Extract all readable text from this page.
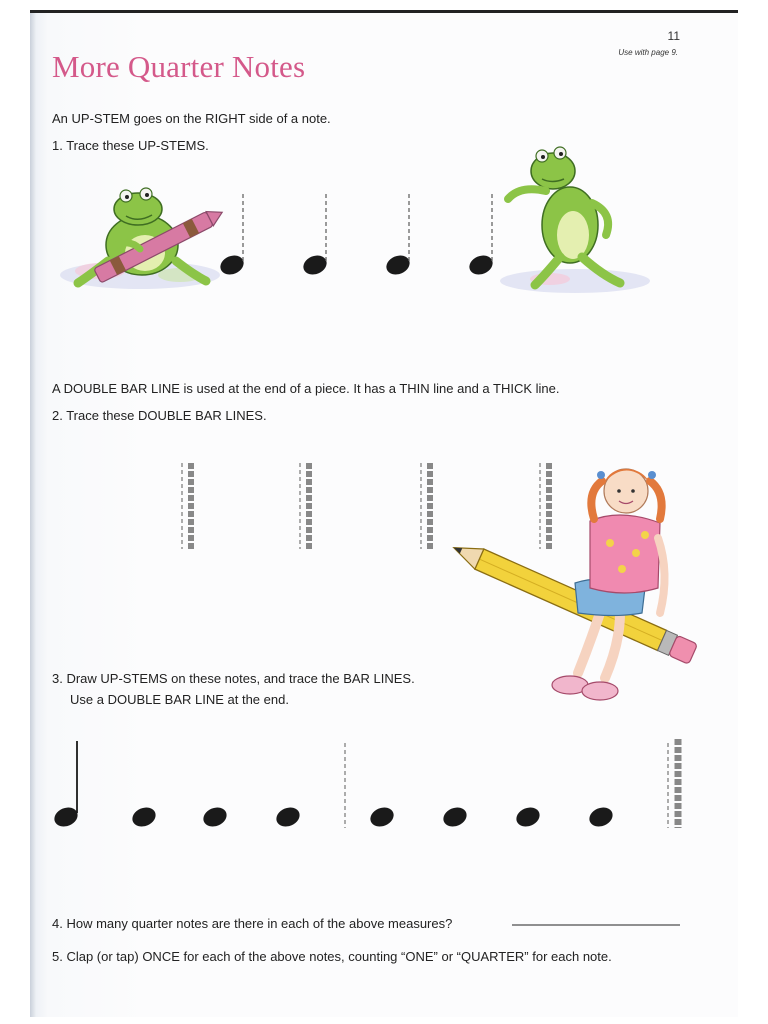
11
Use with page 9.
More Quarter Notes
An UP-STEM goes on the RIGHT side of a note.
1. Trace these UP-STEMS.
A DOUBLE BAR LINE is used at the end of a piece. It has a THIN line and a THICK line.
2. Trace these DOUBLE BAR LINES.
3. Draw UP-STEMS on these notes, and trace the BAR LINES.
Use a DOUBLE BAR LINE at the end.
4. How many quarter notes are there in each of the above measures?
5. Clap (or tap) ONCE for each of the above notes, counting “ONE” or “QUARTER” for each note.
